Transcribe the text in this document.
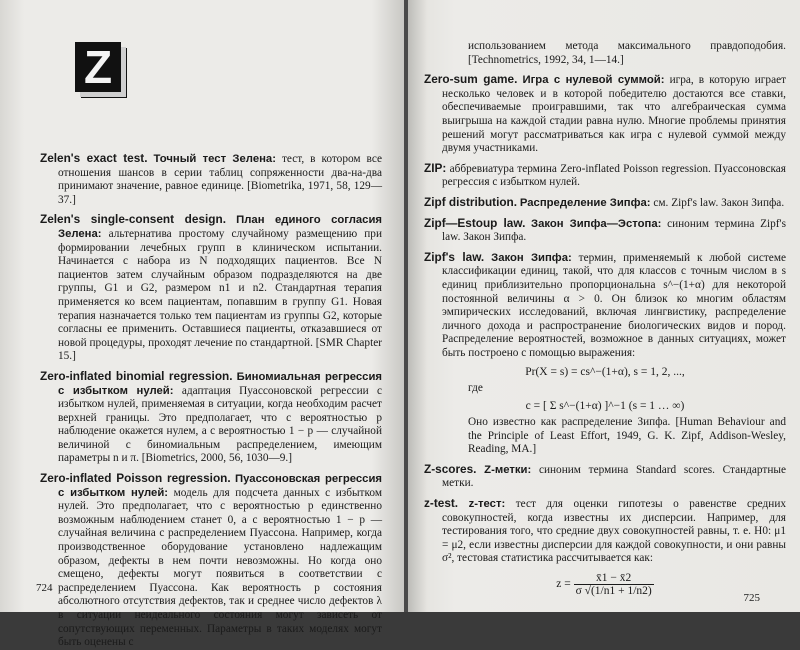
Z
Zelen's exact test. Точный тест Зелена: тест, в котором все отношения шансов в серии таблиц сопряженности два-на-два принимают значение, равное единице. [Biometrika, 1971, 58, 129—37.]
Zelen's single-consent design. План единого согласия Зелена: альтернатива простому случайному размещению при формировании лечебных групп в клиническом испытании. Начинается с набора из N подходящих пациентов. Все N пациентов затем случайным образом подразделяются на две группы, G1 и G2, размером n1 и n2. Стандартная терапия применяется ко всем пациентам, попавшим в группу G1. Новая терапия назначается только тем пациентам из группы G2, которые согласны ее применить. Оставшиеся пациенты, отказавшиеся от новой процедуры, проходят лечение по стандартной. [SMR Chapter 15.]
Zero-inflated binomial regression. Биномиальная регрессия с избытком нулей: адаптация Пуассоновской регрессии с избытком нулей, применяемая в ситуации, когда необходим расчет верхней границы. Это предполагает, что с вероятностью p наблюдение окажется нулем, а с вероятностью 1 − p — случайной величиной с биномиальным распределением, имеющим параметры n и π. [Biometrics, 2000, 56, 1030—9.]
Zero-inflated Poisson regression. Пуассоновская регрессия с избытком нулей: модель для подсчета данных с избытком нулей. Это предполагает, что с вероятностью p единственно возможным наблюдением станет 0, а с вероятностью 1 − p — случайная величина с распределением Пуассона. Например, когда производственное оборудование установлено надлежащим образом, дефекты в нем почти невозможны. Но когда оно смещено, дефекты могут появиться в соответствии с распределением Пуассона. Как вероятность p состояния абсолютного отсутствия дефектов, так и среднее число дефектов λ в ситуации неидеального состояния могут зависеть от сопутствующих переменных. Параметры в таких моделях могут быть оценены с
724
использованием метода максимального правдоподобия. [Technometrics, 1992, 34, 1—14.]
Zero-sum game. Игра с нулевой суммой: игра, в которую играет несколько человек и в которой победителю достаются все ставки, обеспечиваемые проигравшими, так что алгебраическая сумма выигрыша на каждой стадии равна нулю. Многие проблемы принятия решений могут рассматриваться как игра с нулевой суммой между двумя участниками.
ZIP: аббревиатура термина Zero-inflated Poisson regression. Пуассоновская регрессия с избытком нулей.
Zipf distribution. Распределение Зипфа: см. Zipf's law. Закон Зипфа.
Zipf—Estoup law. Закон Зипфа—Эстопа: синоним термина Zipf's law. Закон Зипфа.
Zipf's law. Закон Зипфа: термин, применяемый к любой системе классификации единиц, такой, что для классов с точным числом в s единиц приблизительно пропорциональна s^−(1+α) для некоторой постоянной величины α > 0. Он близок ко многим областям эмпирических исследований, включая лингвистику, распределение личного дохода и распространение биологических видов и пород. Распределение вероятностей, возможное в данных ситуациях, может быть построено с помощью выражения:
Pr(X = s) = cs^−(1+α), s = 1, 2, ...,
где
c = [ Σ s^−(1+α) ]^−1 (s = 1 … ∞)
Оно известно как распределение Зипфа. [Human Behaviour and the Principle of Least Effort, 1949, G. K. Zipf, Addison-Wesley, Reading, MA.]
Z-scores. Z-метки: синоним термина Standard scores. Стандартные метки.
z-test. z-тест: тест для оценки гипотезы о равенстве средних совокупностей, когда известны их дисперсии. Например, для тестирования того, что средние двух совокупностей равны, т. е. H0: μ1 = μ2, если известны дисперсии для каждой совокупности, и они равны σ², тестовая статистика рассчитывается как:
$z = \frac{x̄1 - x̄2}{\sigma √(1/n1 + 1/n2)}$
725
